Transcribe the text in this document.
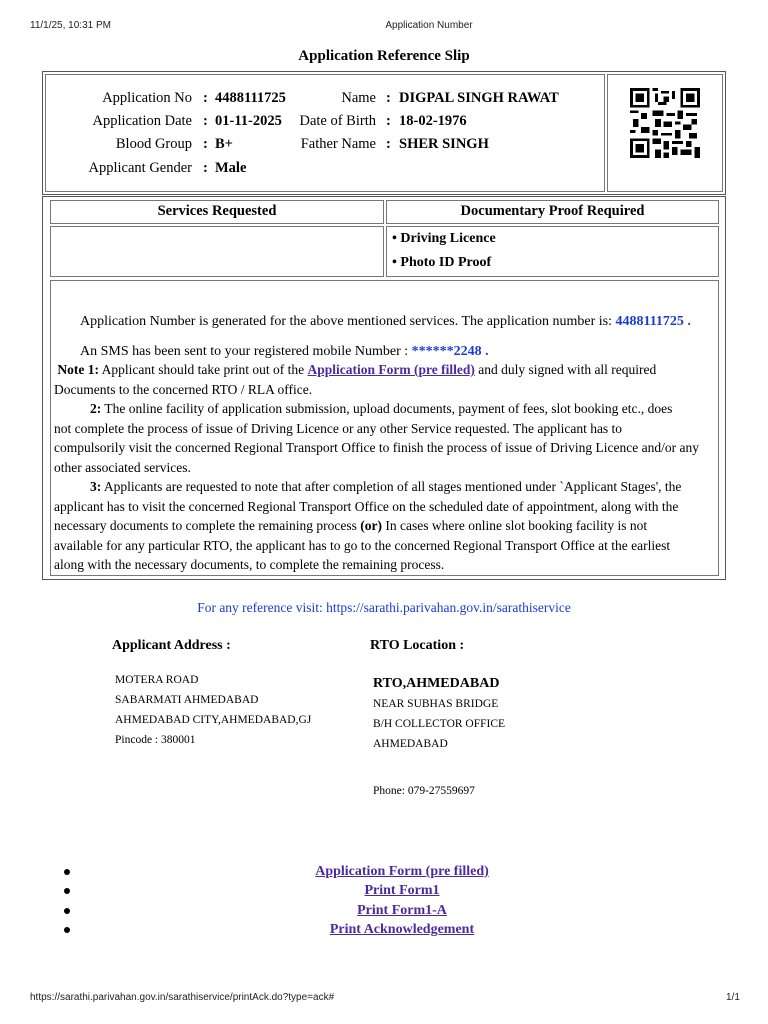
11/1/25, 10:31 PM	Application Number
Application Reference Slip
Application No : 4488111725
Application Date : 01-11-2025
Blood Group : B+
Applicant Gender : Male
Name : DIGPAL SINGH RAWAT
Date of Birth : 18-02-1976
Father Name : SHER SINGH
Services Requested	Documentary Proof Required
• Driving Licence
• Photo ID Proof
Application Number is generated for the above mentioned services. The application number is: 4488111725 .
An SMS has been sent to your registered mobile Number : ******2248 .
Note 1: Applicant should take print out of the Application Form (pre filled) and duly signed with all required
Documents to the concerned RTO / RLA office.
2: The online facility of application submission, upload documents, payment of fees, slot booking etc., does
not complete the process of issue of Driving Licence or any other Service requested. The applicant has to
compulsorily visit the concerned Regional Transport Office to finish the process of issue of Driving Licence and/or any
other associated services.
3: Applicants are requested to note that after completion of all stages mentioned under `Applicant Stages', the
applicant has to visit the concerned Regional Transport Office on the scheduled date of appointment, along with the
necessary documents to complete the remaining process (or) In cases where online slot booking facility is not
available for any particular RTO, the applicant has to go to the concerned Regional Transport Office at the earliest
along with the necessary documents, to complete the remaining process.
For any reference visit: https://sarathi.parivahan.gov.in/sarathiservice
Applicant Address :	RTO Location :
MOTERA ROAD
SABARMATI AHMEDABAD
AHMEDABAD CITY,AHMEDABAD,GJ
Pincode : 380001
RTO,AHMEDABAD
NEAR SUBHAS BRIDGE
B/H COLLECTOR OFFICE
AHMEDABAD
Phone: 079-27559697
Application Form (pre filled)
Print Form1
Print Form1-A
Print Acknowledgement
https://sarathi.parivahan.gov.in/sarathiservice/printAck.do?type=ack#	1/1
